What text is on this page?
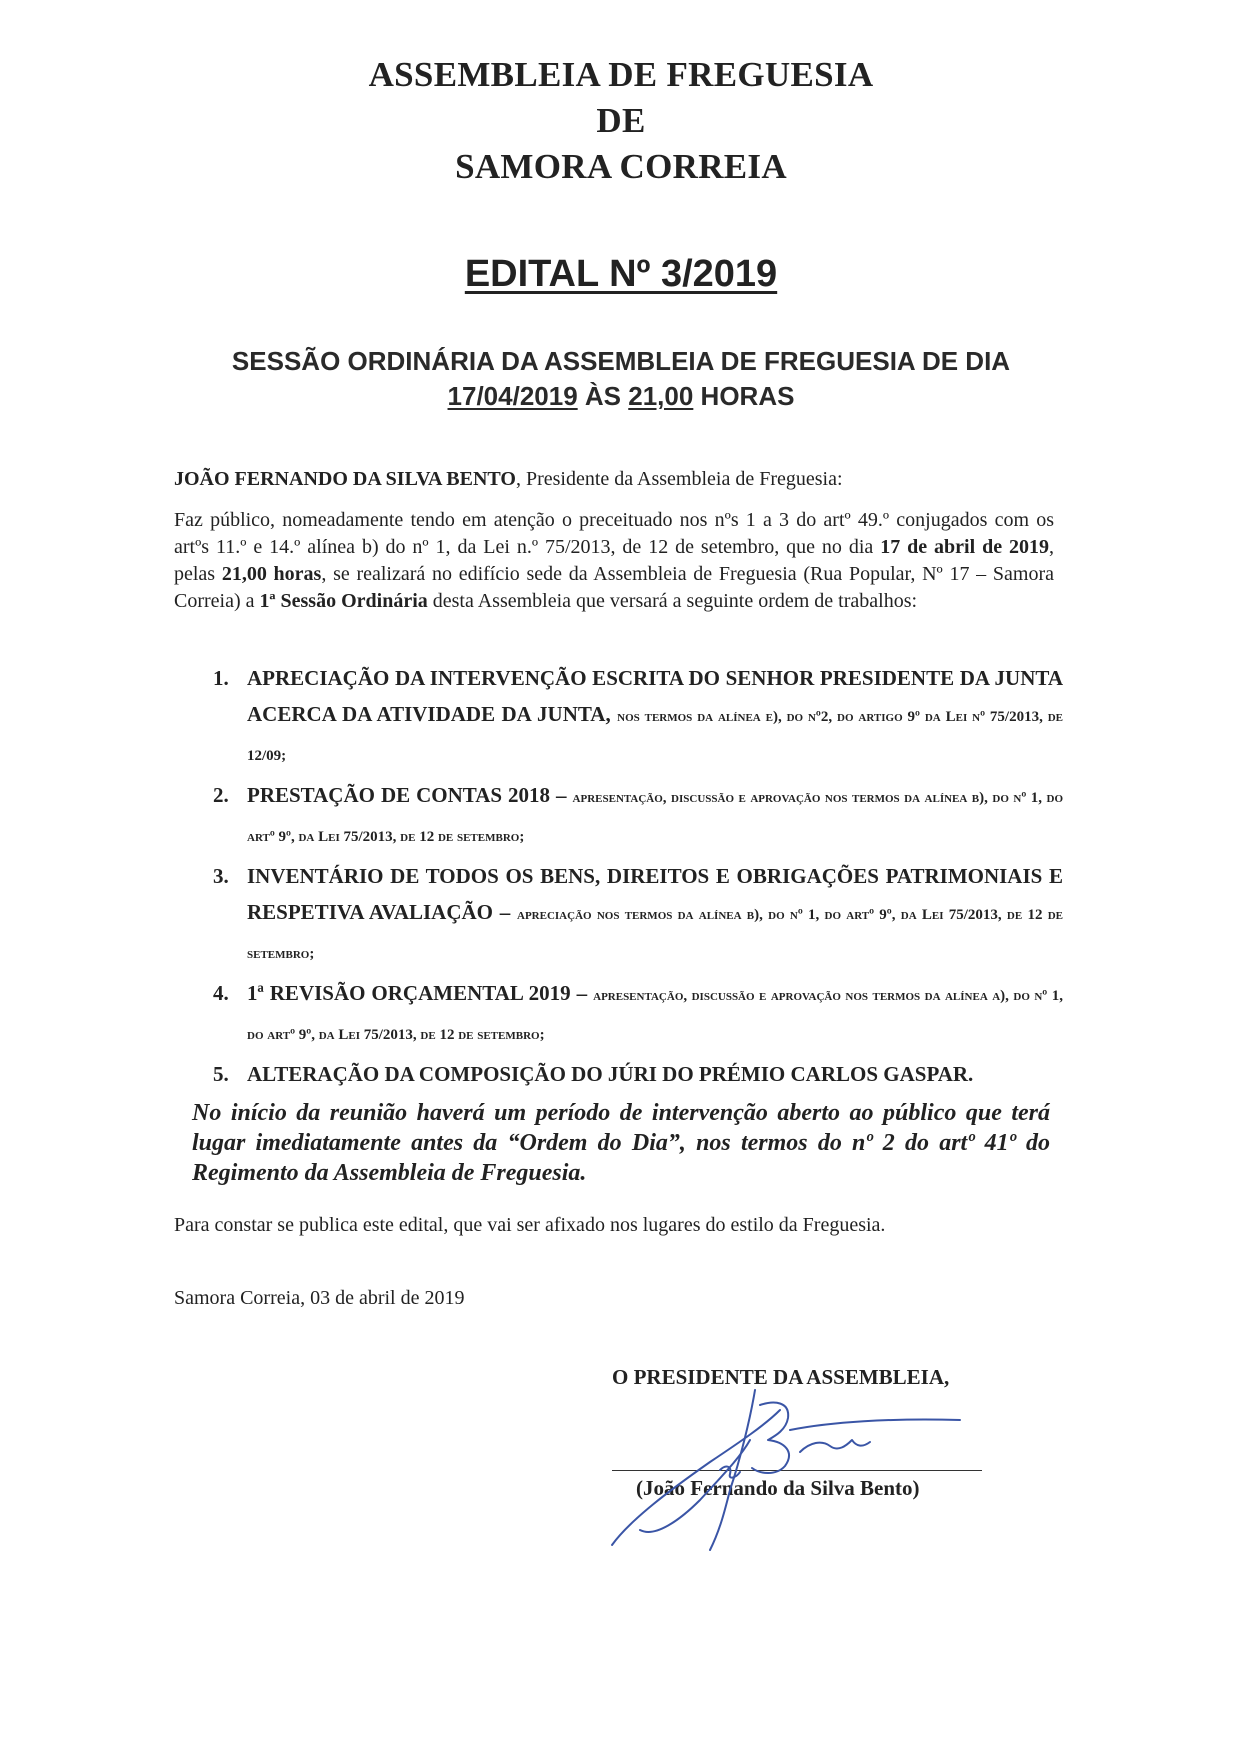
ASSEMBLEIA DE FREGUESIA
DE
SAMORA CORREIA
EDITAL Nº 3/2019
SESSÃO ORDINÁRIA DA ASSEMBLEIA DE FREGUESIA DE DIA
17/04/2019 ÀS 21,00 HORAS
JOÃO FERNANDO DA SILVA BENTO, Presidente da Assembleia de Freguesia:
Faz público, nomeadamente tendo em atenção o preceituado nos nºs 1 a 3 do artº 49.º conjugados com os artºs 11.º e 14.º alínea b) do nº 1, da Lei n.º 75/2013, de 12 de setembro, que no dia 17 de abril de 2019, pelas 21,00 horas, se realizará no edifício sede da Assembleia de Freguesia (Rua Popular, Nº 17 – Samora Correia) a 1ª Sessão Ordinária desta Assembleia que versará a seguinte ordem de trabalhos:
1. APRECIAÇÃO DA INTERVENÇÃO ESCRITA DO SENHOR PRESIDENTE DA JUNTA ACERCA DA ATIVIDADE DA JUNTA, nos termos da alínea e), do nº2, do artigo 9º da Lei nº 75/2013, de 12/09;
2. PRESTAÇÃO DE CONTAS 2018 – apresentação, discussão e aprovação nos termos da alínea b), do nº 1, do artº 9º, da Lei 75/2013, de 12 de setembro;
3. INVENTÁRIO DE TODOS OS BENS, DIREITOS E OBRIGAÇÕES PATRIMONIAIS E RESPETIVA AVALIAÇÃO – apreciação nos termos da alínea b), do nº 1, do artº 9º, da Lei 75/2013, de 12 de setembro;
4. 1ª REVISÃO ORÇAMENTAL 2019 – apresentação, discussão e aprovação nos termos da alínea a), do nº 1, do artº 9º, da Lei 75/2013, de 12 de setembro;
5. ALTERAÇÃO DA COMPOSIÇÃO DO JÚRI DO PRÉMIO CARLOS GASPAR.
No início da reunião haverá um período de intervenção aberto ao público que terá lugar imediatamente antes da “Ordem do Dia”, nos termos do nº 2 do artº 41º do Regimento da Assembleia de Freguesia.
Para constar se publica este edital, que vai ser afixado nos lugares do estilo da Freguesia.
Samora Correia, 03 de abril de 2019
O PRESIDENTE DA ASSEMBLEIA,
(João Fernando da Silva Bento)
